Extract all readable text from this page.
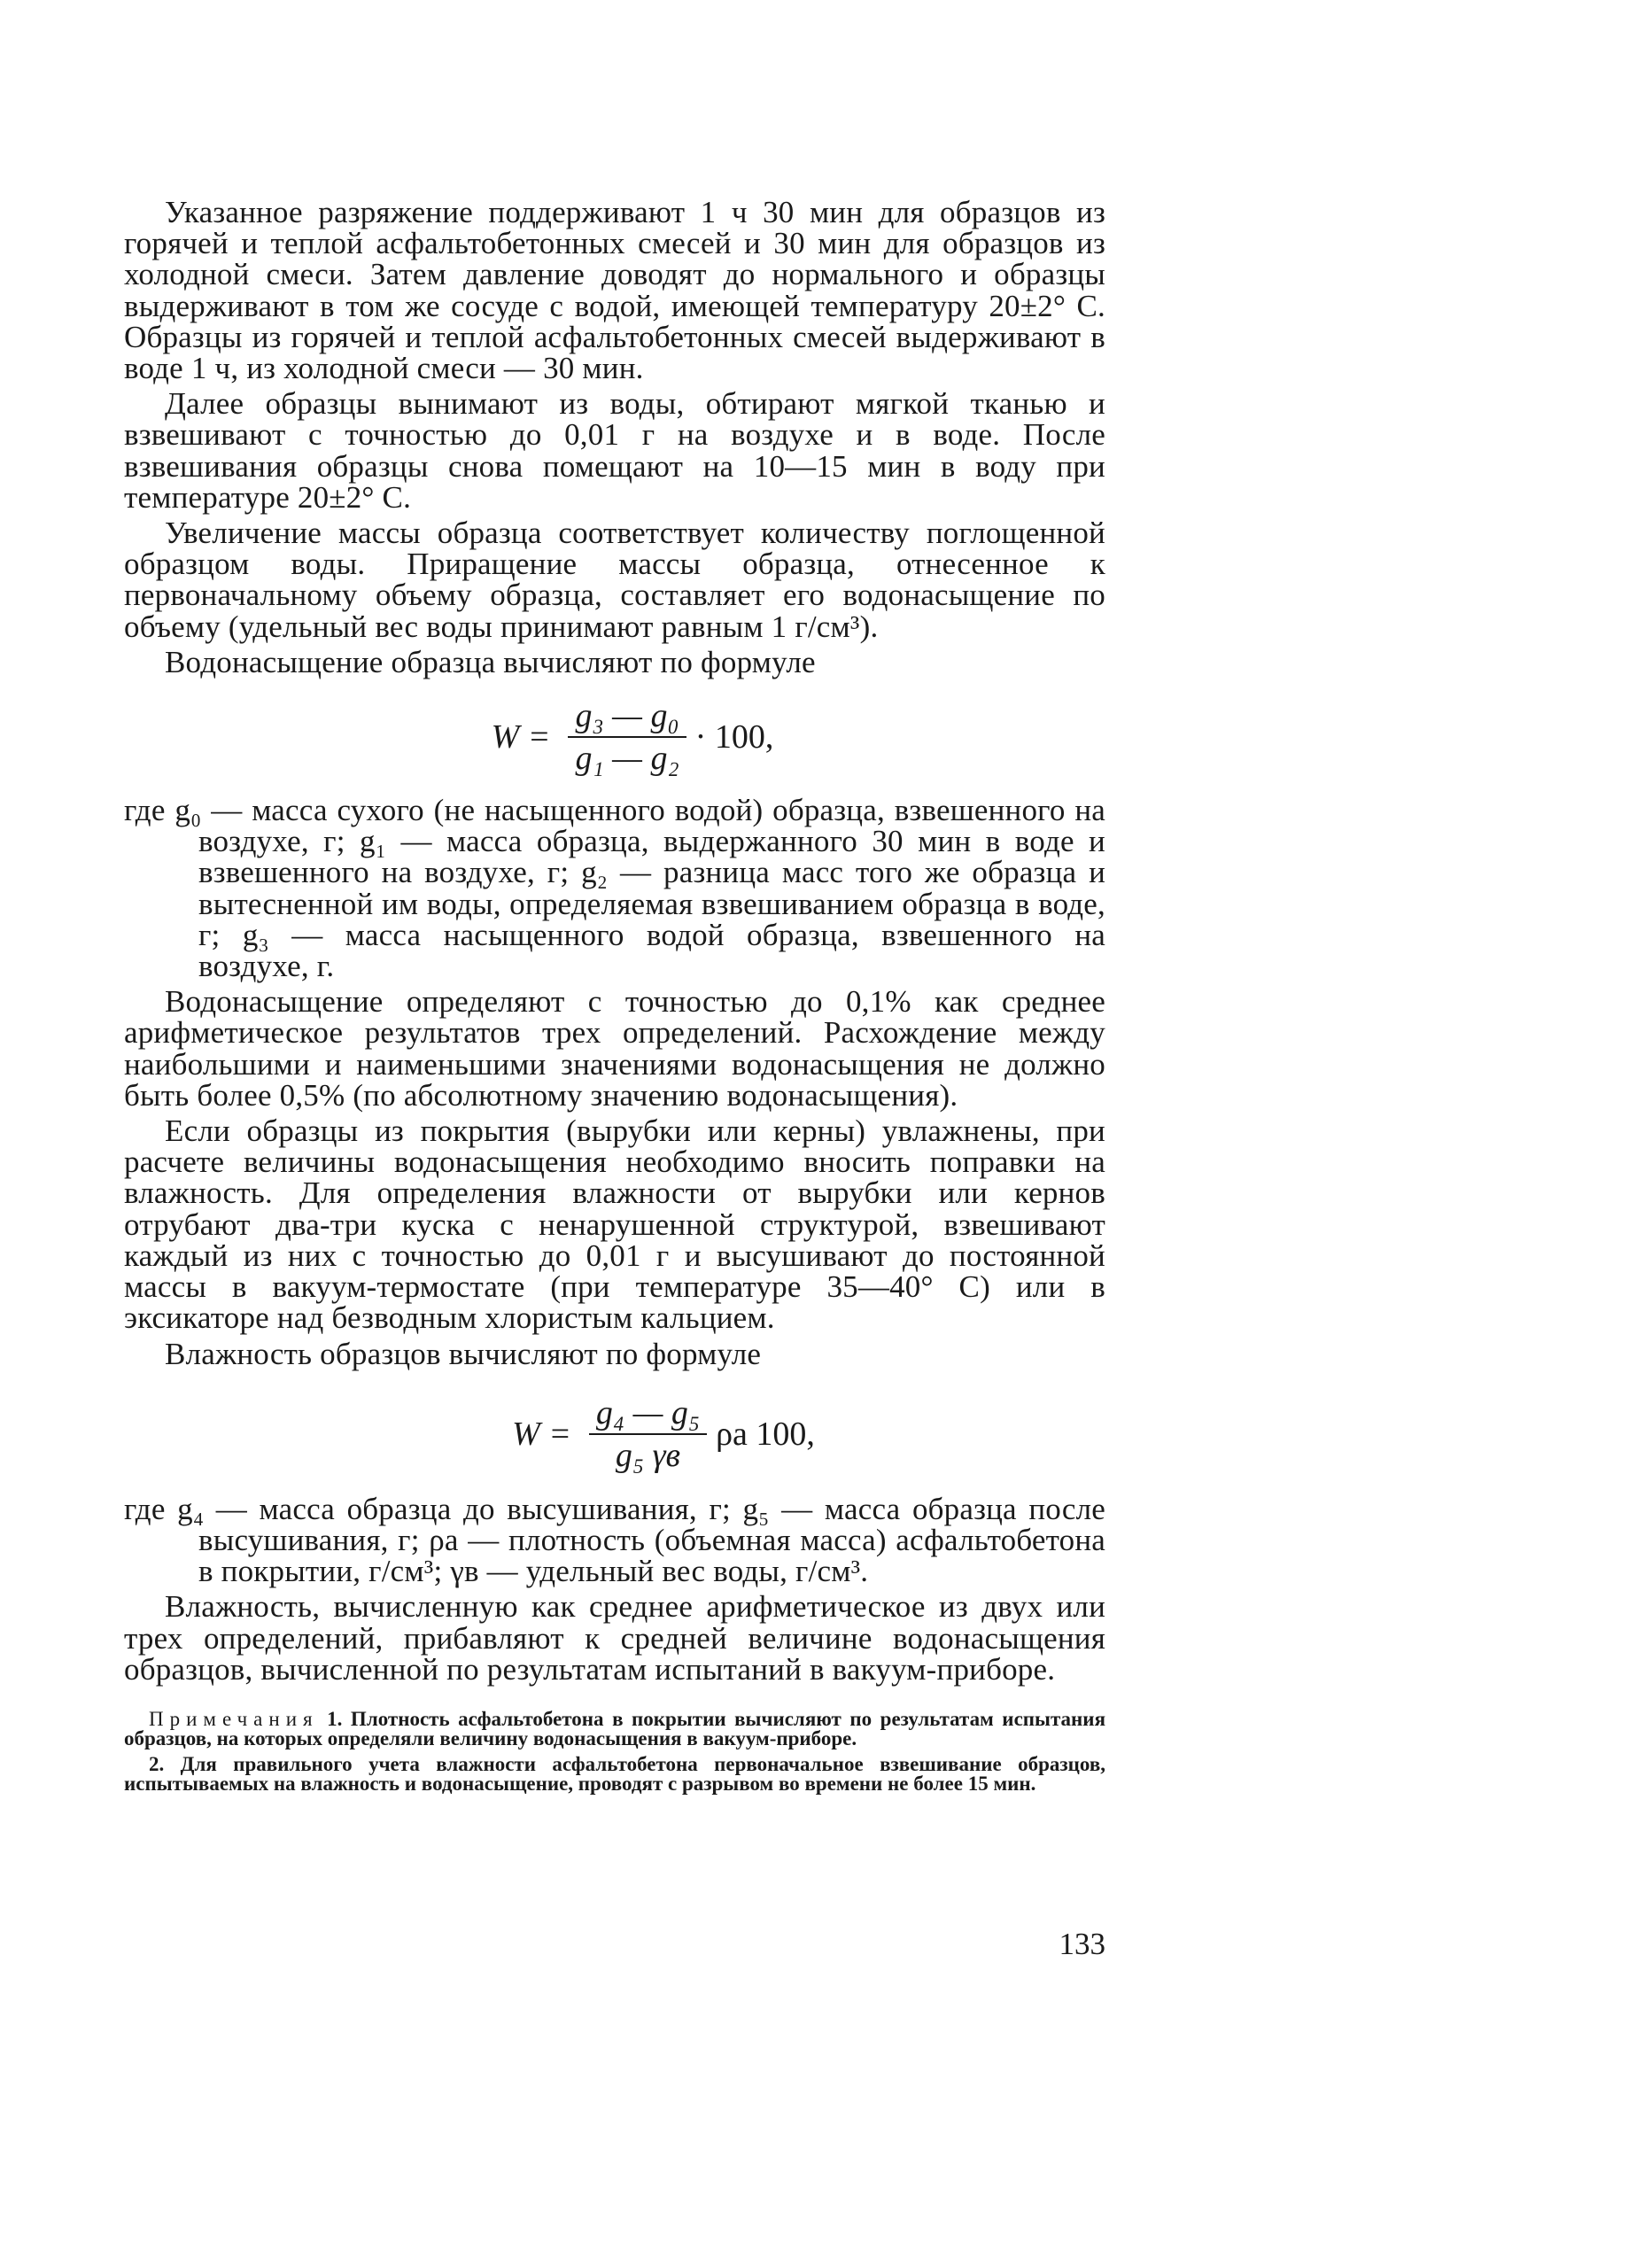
Указанное разряжение поддерживают 1 ч 30 мин для образцов из горячей и теплой асфальтобетонных смесей и 30 мин для образцов из холодной смеси. Затем давление доводят до нормального и образцы выдерживают в том же сосуде с водой, имеющей температуру 20±2° С. Образцы из горячей и теплой асфальтобетонных смесей выдерживают в воде 1 ч, из холодной смеси — 30 мин.

Далее образцы вынимают из воды, обтирают мягкой тканью и взвешивают с точностью до 0,01 г на воздухе и в воде. После взвешивания образцы снова помещают на 10—15 мин в воду при температуре 20±2° С.

Увеличение массы образца соответствует количеству поглощенной образцом воды. Приращение массы образца, отнесенное к первоначальному объему образца, составляет его водонасыщение по объему (удельный вес воды принимают равным 1 г/см³).

Водонасыщение образца вычисляют по формуле

$W = \frac{\text{g₃ — g₀}}{\text{g₁ — g₂}} \cdot 100$,

где g₀ — масса сухого (не насыщенного водой) образца, взвешенного на воздухе, г; g₁ — масса образца, выдержанного 30 мин в воде и взвешенного на воздухе, г; g₂ — разница масс того же образца и вытесненной им воды, определяемая взвешиванием образца в воде, г; g₃ — масса насыщенного водой образца, взвешенного на воздухе, г.

Водонасыщение определяют с точностью до 0,1% как среднее арифметическое результатов трех определений. Расхождение между наибольшими и наименьшими значениями водонасыщения не должно быть более 0,5% (по абсолютному значению водонасыщения).

Если образцы из покрытия (вырубки или керны) увлажнены, при расчете величины водонасыщения необходимо вносить поправки на влажность. Для определения влажности от вырубки или кернов отрубают два-три куска с ненарушенной структурой, взвешивают каждый из них с точностью до 0,01 г и высушивают до постоянной массы в вакуум-термостате (при температуре 35—40° С) или в эксикаторе над безводным хлористым кальцием.

Влажность образцов вычисляют по формуле

$W = \frac{\text{g₄ — g₅}}{\text{g₅ γв}}$ ρа 100,

где g₄ — масса образца до высушивания, г; g₅ — масса образца после высушивания, г; ρа — плотность (объемная масса) асфальтобетона в покрытии, г/см³; γв — удельный вес воды, г/см³.

Влажность, вычисленную как среднее арифметическое из двух или трех определений, прибавляют к средней величине водонасыщения образцов, вычисленной по результатам испытаний в вакуум-приборе.

Примечания 1. Плотность асфальтобетона в покрытии вычисляют по результатам испытания образцов, на которых определяли величину водонасыщения в вакуум-приборе.

2. Для правильного учета влажности асфальтобетона первоначальное взвешивание образцов, испытываемых на влажность и водонасыщение, проводят с разрывом во времени не более 15 мин.

133
